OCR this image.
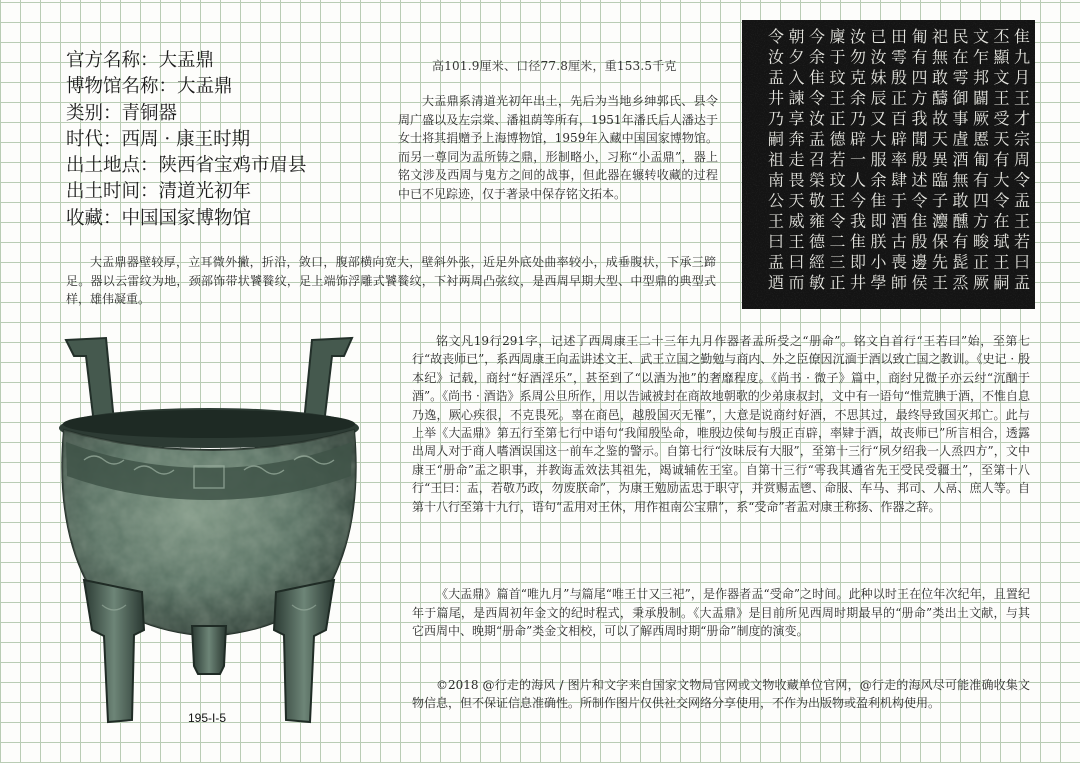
官方名称：大盂鼎
博物馆名称：大盂鼎
类别：青铜器
时代：西周 · 康王时期
出土地点：陕西省宝鸡市眉县
出土时间：清道光初年
收藏：中国国家博物馆
高101.9厘米、口径77.8厘米，重153.5千克

大盂鼎系清道光初年出土，先后为当地乡绅郭氏、县令周广盛以及左宗棠、潘祖荫等所有，1951年潘氏后人潘达于女士将其捐赠予上海博物馆，1959年入藏中国国家博物馆。而另一尊同为盂所铸之鼎，形制略小，习称“小盂鼎”，器上铭文涉及西周与鬼方之间的战事，但此器在辗转收藏的过程中已不见踪迹，仅于著录中保存铭文拓本。

大盂鼎器壁较厚，立耳微外撇，折沿，敛口，腹部横向宽大，壁斜外张，近足外底处曲率较小，成垂腹状，下承三蹄足。器以云雷纹为地，颈部饰带状饕餮纹，足上端饰浮雕式饕餮纹，下衬两周凸弦纹，是西周早期大型、中型鼎的典型式样，雄伟凝重。

隹
九
月
王
才
宗
周
令
盂
王
若
曰
盂
丕
顯
文
王
受
天
有
大
令
在
珷
王
嗣
文
乍
邦
闢
厥
慝
匍
有
四
方
畯
正
厥
民
在
雩
御
事
虘
酒
無
敢
醺
有
髭
烝
祀
無
敢
醻
故
天
異
臨
子
灋
保
先
王
匍
有
四
方
我
聞
殷
述
令
隹
殷
邊
侯
田
雩
殷
正
百
辟
率
肆
于
酒
古
喪
師
已
汝
妹
辰
又
大
服
余
隹
即
朕
小
學
汝
勿
克
余
乃
辟
一
人
今
我
隹
即
井
廩
于
玟
王
正
德
若
玟
王
令
二
三
正
今
余
隹
令
汝
盂
召
榮
敬
雍
德
經
敏
朝
夕
入
諫
享
奔
走
畏
天
威
王
曰
而
令
汝
盂
井
乃
嗣
祖
南
公
王
曰
盂
迺
195-I-5

铭文凡19行291字，记述了西周康王二十三年九月作器者盂所受之“册命”。铭文自首行“王若曰”始，至第七行“故丧师已”，系西周康王向盂讲述文王、武王立国之勤勉与商内、外之臣僚因沉湎于酒以致亡国之教训。《史记 · 殷本纪》记载，商纣“好酒淫乐”，甚至到了“以酒为池”的奢靡程度。《尚书 · 微子》篇中，商纣兄微子亦云纣“沉酗于酒”。《尚书 · 酒诰》系周公旦所作，用以告诫被封在商故地朝歌的少弟康叔封，文中有一语句“惟荒腆于酒，不惟自息乃逸，厥心疾很，不克畏死。辜在商邑，越殷国灭无罹”，大意是说商纣好酒，不思其过，最终导致国灭邦亡。此与上举《大盂鼎》第五行至第七行中语句“我闻殷坠命，唯殷边侯甸与殷正百辟，率肄于酒，故丧师已”所言相合，透露出周人对于商人嗜酒误国这一前车之鉴的警示。自第七行“汝昧辰有大服”，至第十三行“夙夕绍我一人烝四方”，文中康王“册命”盂之职事，并教诲盂效法其祖先，竭诚辅佐王室。自第十三行“雩我其遹省先王受民受疆土”，至第十八行“王曰：盂，若敬乃政，勿废朕命”，为康王勉励盂忠于职守，并赏赐盂鬯、命服、车马、邦司、人鬲、庶人等。自第十八行至第十九行，语句“盂用对王休，用作祖南公宝鼎”，系“受命”者盂对康王称扬、作器之辞。

《大盂鼎》篇首“唯九月”与篇尾“唯王廿又三祀”，是作器者盂“受命”之时间。此种以时王在位年次纪年，且置纪年于篇尾，是西周初年金文的纪时程式，秉承殷制。《大盂鼎》是目前所见西周时期最早的“册命”类出土文献，与其它西周中、晚期“册命”类金文相校，可以了解西周时期“册命”制度的演变。

©2018 @行走的海风 / 图片和文字来自国家文物局官网或文物收藏单位官网，@行走的海风尽可能准确收集文物信息，但不保证信息准确性。所制作图片仅供社交网络分享使用，不作为出版物或盈利机构使用。
